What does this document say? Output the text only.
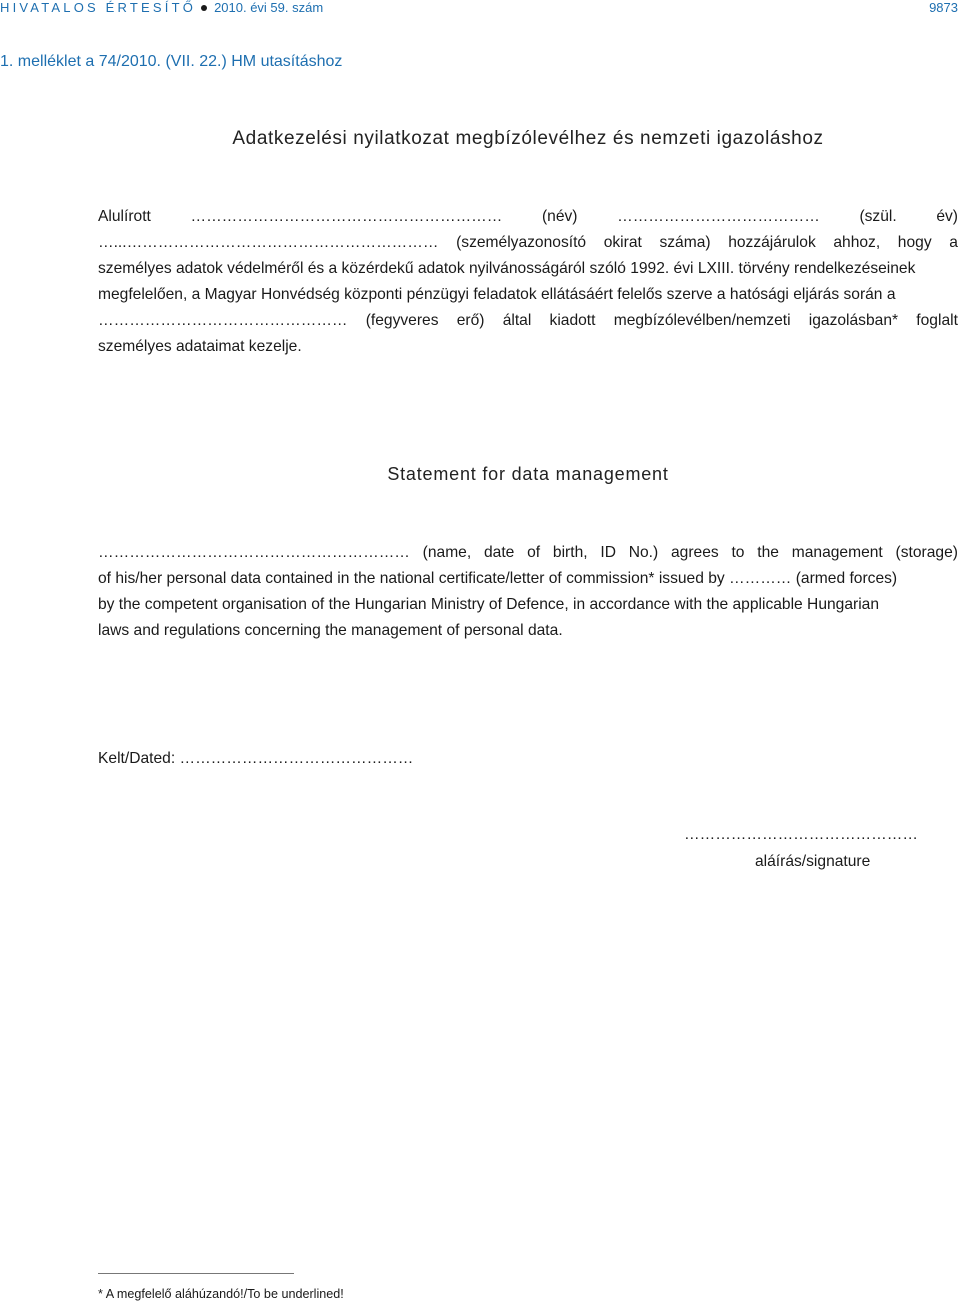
HIVATALOS ÉRTESÍTŐ 2010. évi 59. szám	9873
1. melléklet a 74/2010. (VII. 22.) HM utasításhoz
Adatkezelési nyilatkozat megbízólevélhez és nemzeti igazoláshoz
Alulírott	……………………………………………………	(név)	…………………………………	(szül.	év)
…...…………………………………………………… (személyazonosító okirat száma) hozzájárulok ahhoz, hogy a
személyes adatok védelméről és a közérdekű adatok nyilvánosságáról szóló 1992. évi LXIII. törvény rendelkezéseinek
megfelelően, a Magyar Honvédség központi pénzügyi feladatok ellátásáért felelős szerve a hatósági eljárás során a
………………………………………… (fegyveres erő) által kiadott megbízólevélben/nemzeti igazolásban* foglalt
személyes adataimat kezelje.
Statement for data management
…………………………………………………… (name, date of birth, ID No.) agrees to the management (storage)
of his/her personal data contained in the national certificate/letter of commission* issued by ………… (armed forces)
by the competent organisation of the Hungarian Ministry of Defence, in accordance with the applicable Hungarian
laws and regulations concerning the management of personal data.
Kelt/Dated: ………………………………………
………………………………………
aláírás/signature
* A megfelelő aláhúzandó!/To be underlined!
